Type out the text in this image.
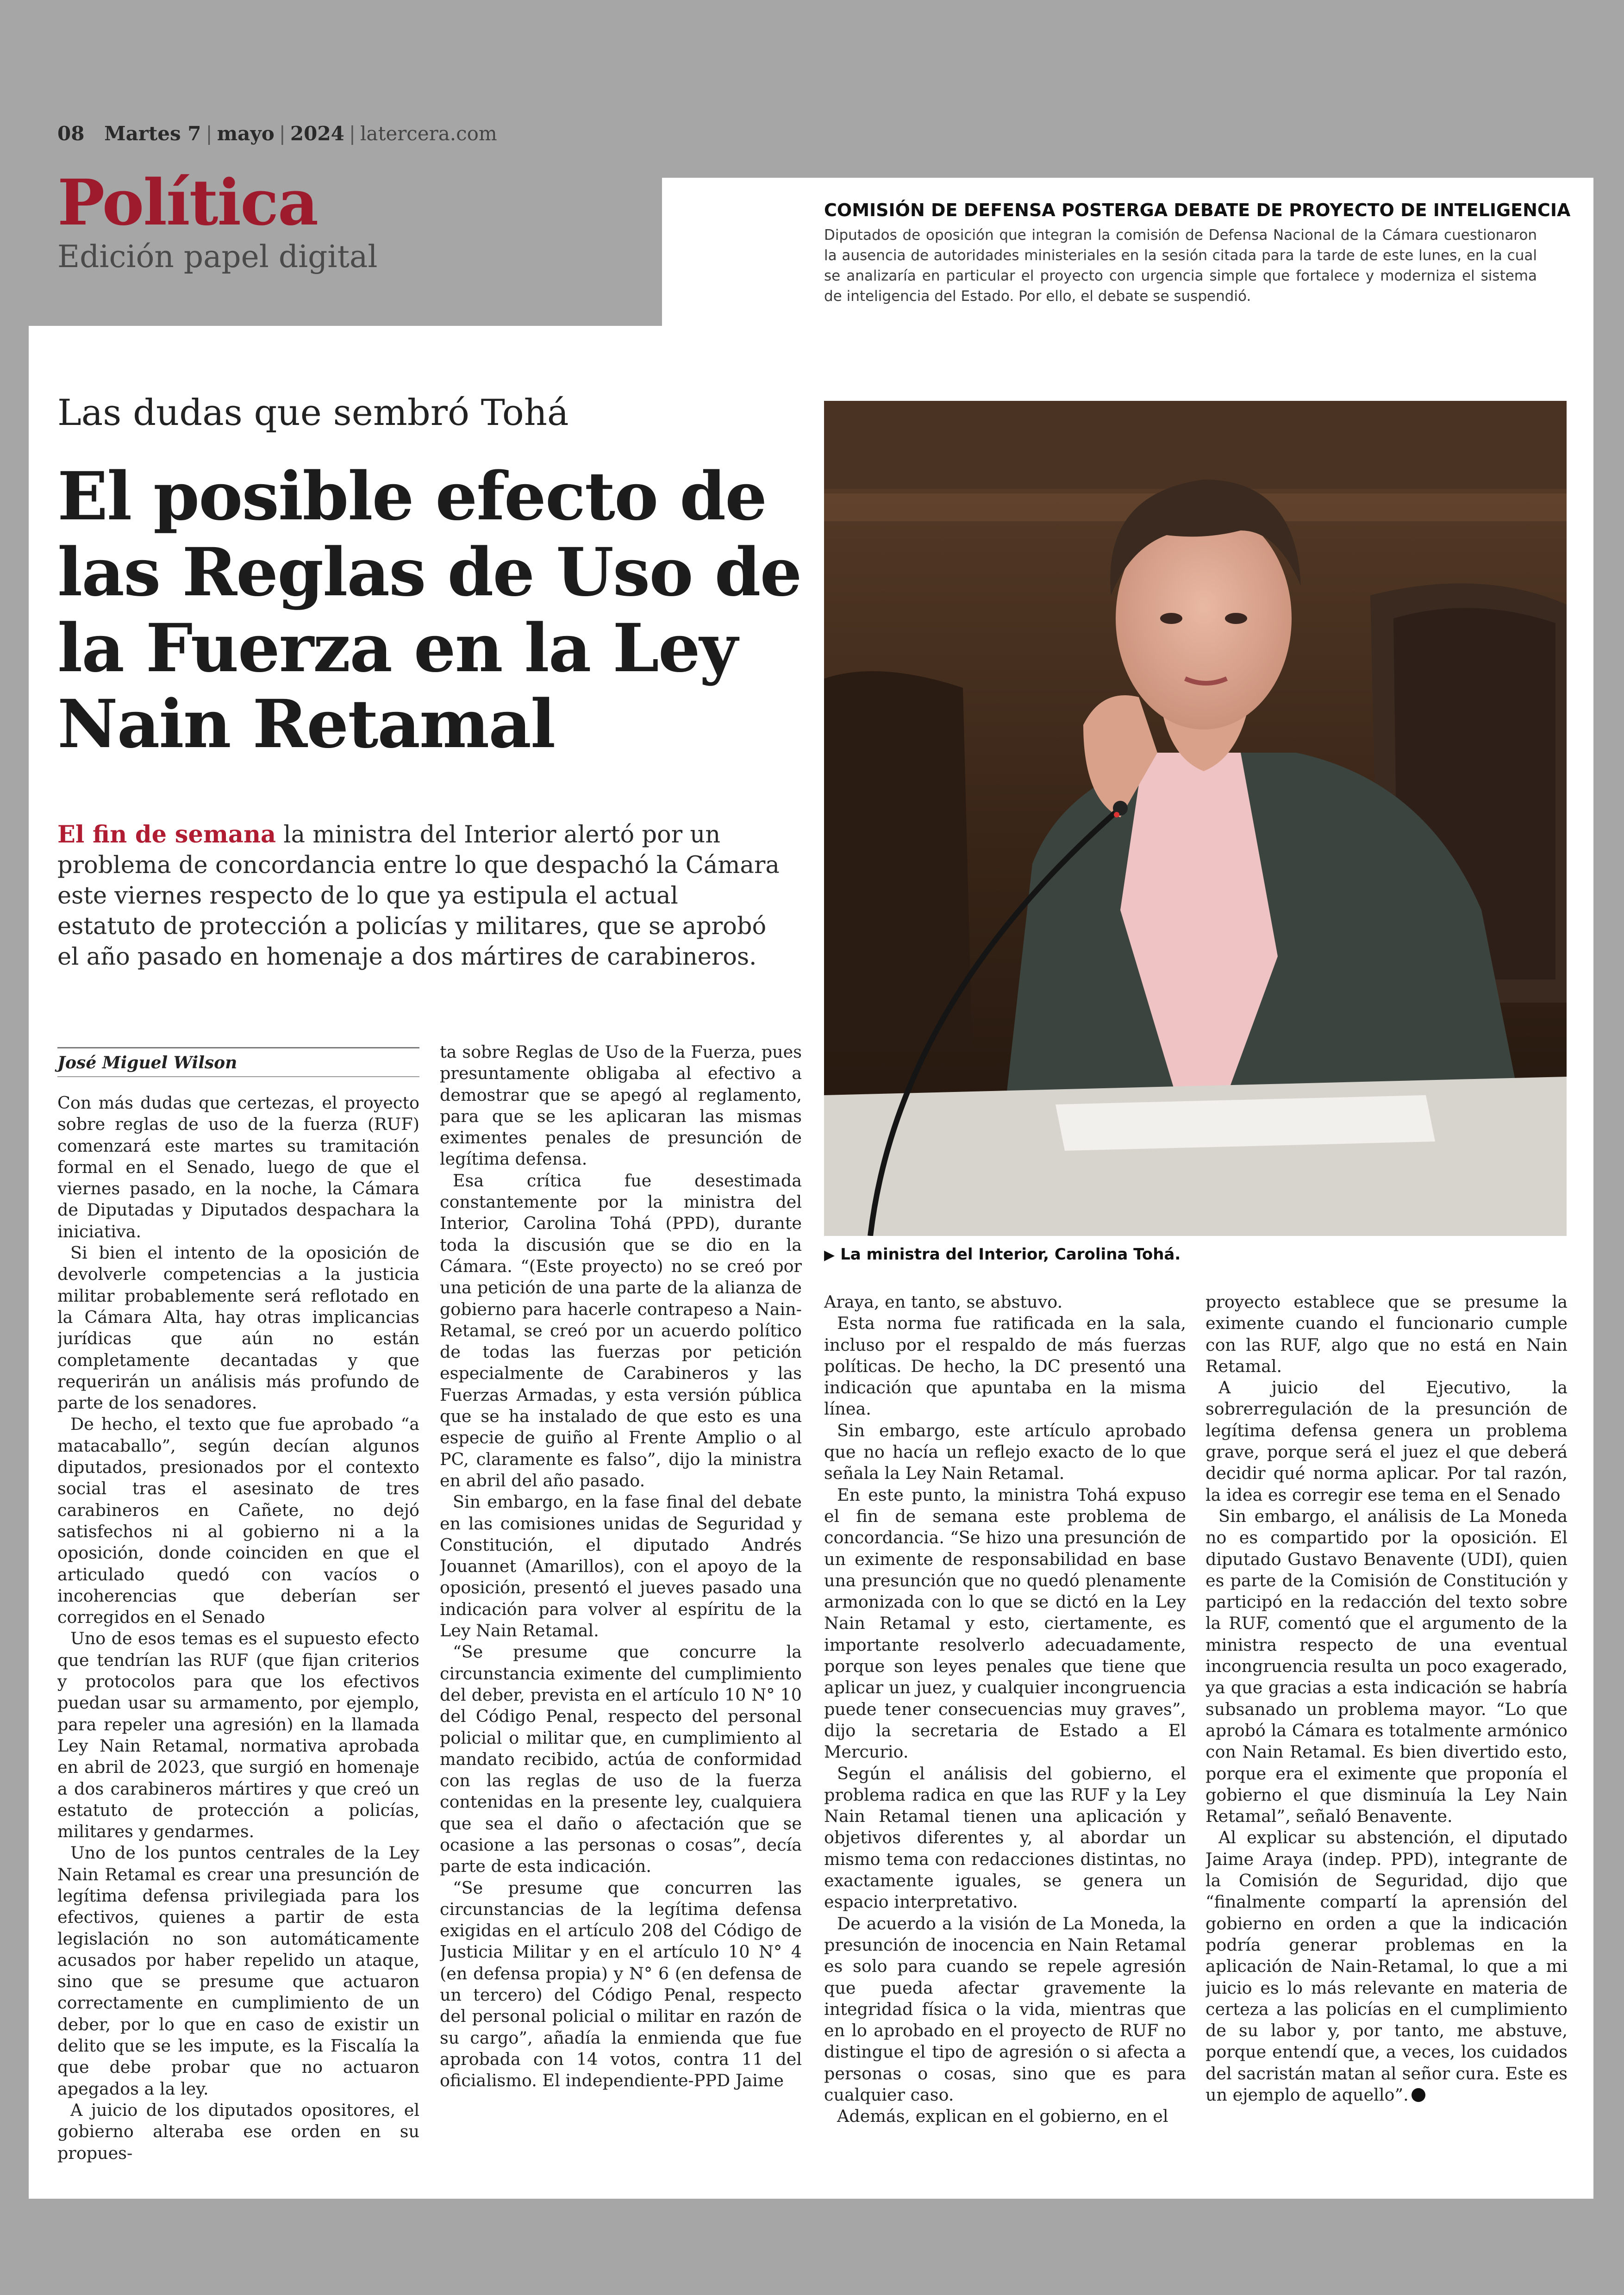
08 Martes 7 | mayo | 2024 | latercera.com
Política
Edición papel digital
COMISIÓN DE DEFENSA POSTERGA DEBATE DE PROYECTO DE INTELIGENCIA
Diputados de oposición que integran la comisión de Defensa Nacional de la Cámara cuestionaron la ausencia de autoridades ministeriales en la sesión citada para la tarde de este lunes, en la cual se analizaría en particular el proyecto con urgencia simple que fortalece y moderniza el sistema de inteligencia del Estado. Por ello, el debate se suspendió.
Las dudas que sembró Tohá
El posible efecto de las Reglas de Uso de la Fuerza en la Ley Nain Retamal
El fin de semana la ministra del Interior alertó por un problema de concordancia entre lo que despachó la Cámara este viernes respecto de lo que ya estipula el actual estatuto de protección a policías y militares, que se aprobó el año pasado en homenaje a dos mártires de carabineros.
▶ La ministra del Interior, Carolina Tohá.
José Miguel Wilson

Con más dudas que certezas, el proyecto sobre reglas de uso de la fuerza (RUF) comenzará este martes su tramitación formal en el Senado, luego de que el viernes pasado, en la noche, la Cámara de Diputadas y Diputados despachara la iniciativa.

Si bien el intento de la oposición de devolverle competencias a la justicia militar probablemente será reflotado en la Cámara Alta, hay otras implicancias jurídicas que aún no están completamente decantadas y que requerirán un análisis más profundo de parte de los senadores.

De hecho, el texto que fue aprobado “a matacaballo”, según decían algunos diputados, presionados por el contexto social tras el asesinato de tres carabineros en Cañete, no dejó satisfechos ni al gobierno ni a la oposición, donde coinciden en que el articulado quedó con vacíos o incoherencias que deberían ser corregidos en el Senado

Uno de esos temas es el supuesto efecto que tendrían las RUF (que fijan criterios y protocolos para que los efectivos puedan usar su armamento, por ejemplo, para repeler una agresión) en la llamada Ley Nain Retamal, normativa aprobada en abril de 2023, que surgió en homenaje a dos carabineros mártires y que creó un estatuto de protección a policías, militares y gendarmes.

Uno de los puntos centrales de la Ley Nain Retamal es crear una presunción de legítima defensa privilegiada para los efectivos, quienes a partir de esta legislación no son automáticamente acusados por haber repelido un ataque, sino que se presume que actuaron correctamente en cumplimiento de un deber, por lo que en caso de existir un delito que se les impute, es la Fiscalía la que debe probar que no actuaron apegados a la ley.

A juicio de los diputados opositores, el gobierno alteraba ese orden en su propues-

ta sobre Reglas de Uso de la Fuerza, pues presuntamente obligaba al efectivo a demostrar que se apegó al reglamento, para que se les aplicaran las mismas eximentes penales de presunción de legítima defensa.

Esa crítica fue desestimada constantemente por la ministra del Interior, Carolina Tohá (PPD), durante toda la discusión que se dio en la Cámara. “(Este proyecto) no se creó por una petición de una parte de la alianza de gobierno para hacerle contrapeso a Nain-Retamal, se creó por un acuerdo político de todas las fuerzas por petición especialmente de Carabineros y las Fuerzas Armadas, y esta versión pública que se ha instalado de que esto es una especie de guiño al Frente Amplio o al PC, claramente es falso”, dijo la ministra en abril del año pasado.

Sin embargo, en la fase final del debate en las comisiones unidas de Seguridad y Constitución, el diputado Andrés Jouannet (Amarillos), con el apoyo de la oposición, presentó el jueves pasado una indicación para volver al espíritu de la Ley Nain Retamal.

“Se presume que concurre la circunstancia eximente del cumplimiento del deber, prevista en el artículo 10 N° 10 del Código Penal, respecto del personal policial o militar que, en cumplimiento al mandato recibido, actúa de conformidad con las reglas de uso de la fuerza contenidas en la presente ley, cualquiera que sea el daño o afectación que se ocasione a las personas o cosas”, decía parte de esta indicación.

“Se presume que concurren las circunstancias de la legítima defensa exigidas en el artículo 208 del Código de Justicia Militar y en el artículo 10 N° 4 (en defensa propia) y N° 6 (en defensa de un tercero) del Código Penal, respecto del personal policial o militar en razón de su cargo”, añadía la enmienda que fue aprobada con 14 votos, contra 11 del oficialismo. El independiente-PPD Jaime

Araya, en tanto, se abstuvo.

Esta norma fue ratificada en la sala, incluso por el respaldo de más fuerzas políticas. De hecho, la DC presentó una indicación que apuntaba en la misma línea.

Sin embargo, este artículo aprobado que no hacía un reflejo exacto de lo que señala la Ley Nain Retamal.

En este punto, la ministra Tohá expuso el fin de semana este problema de concordancia. “Se hizo una presunción de un eximente de responsabilidad en base una presunción que no quedó plenamente armonizada con lo que se dictó en la Ley Nain Retamal y esto, ciertamente, es importante resolverlo adecuadamente, porque son leyes penales que tiene que aplicar un juez, y cualquier incongruencia puede tener consecuencias muy graves”, dijo la secretaria de Estado a El Mercurio.

Según el análisis del gobierno, el problema radica en que las RUF y la Ley Nain Retamal tienen una aplicación y objetivos diferentes y, al abordar un mismo tema con redacciones distintas, no exactamente iguales, se genera un espacio interpretativo.

De acuerdo a la visión de La Moneda, la presunción de inocencia en Nain Retamal es solo para cuando se repele agresión que pueda afectar gravemente la integridad física o la vida, mientras que en lo aprobado en el proyecto de RUF no distingue el tipo de agresión o si afecta a personas o cosas, sino que es para cualquier caso.

Además, explican en el gobierno, en el

proyecto establece que se presume la eximente cuando el funcionario cumple con las RUF, algo que no está en Nain Retamal.

A juicio del Ejecutivo, la sobrerregulación de la presunción de legítima defensa genera un problema grave, porque será el juez el que deberá decidir qué norma aplicar. Por tal razón, la idea es corregir ese tema en el Senado

Sin embargo, el análisis de La Moneda no es compartido por la oposición. El diputado Gustavo Benavente (UDI), quien es parte de la Comisión de Constitución y participó en la redacción del texto sobre la RUF, comentó que el argumento de la ministra respecto de una eventual incongruencia resulta un poco exagerado, ya que gracias a esta indicación se habría subsanado un problema mayor. “Lo que aprobó la Cámara es totalmente armónico con Nain Retamal. Es bien divertido esto, porque era el eximente que proponía el gobierno el que disminuía la Ley Nain Retamal”, señaló Benavente.

Al explicar su abstención, el diputado Jaime Araya (indep. PPD), integrante de la Comisión de Seguridad, dijo que “finalmente compartí la aprensión del gobierno en orden a que la indicación podría generar problemas en la aplicación de Nain-Retamal, lo que a mi juicio es lo más relevante en materia de certeza a las policías en el cumplimiento de su labor y, por tanto, me abstuve, porque entendí que, a veces, los cuidados del sacristán matan al señor cura. Este es un ejemplo de aquello”.
